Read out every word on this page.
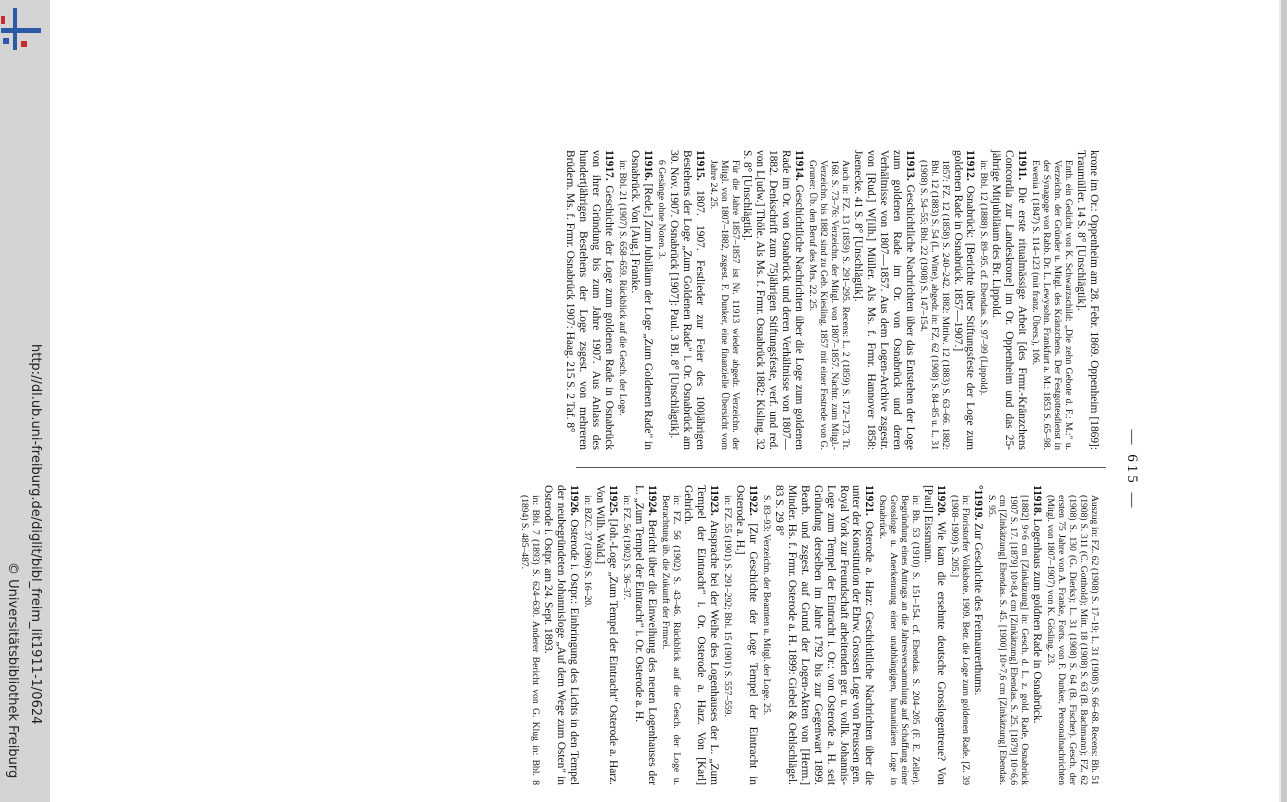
http://dl.ub.uni-freiburg.de/diglit/bibl_freim_lit1911-1/0624
© Universitätsbibliothek Freiburg
— 615 —
krone im Or.: Oppenheim am 28. Febr. 1869. Oppenheim [1869]: Traumüller. 14 S. 8° [Unschlägtik].
Enth. ein Gedicht von K. Schwarzschild: „Die zehn Gebote d. F.: M.:" u. Verzeichn. der Gründer u. Mitgl. des Kränzchens. Der Festgottesdienst in der Synagoge von Rabb. Dr. L. Lewysohn. Frankfurt a. M.: 1853 S. 65–98. Ewenia 1 (1847) S. 114–123 (mit franz. Übers.), 106.
11911. Die erste ritualmässige Arbeit [des Frmr.-Kränzchens Concordia zur Landeskrone] im Or. Oppenheim und das 25-jährige Mitjubiläum des Br. Lippold.
in: Bbl. 12 (1888) S. 89–95. cf. Ebendas. S. 97–99 (Lippold).
11912. Osnabrück: [Berichte über Stiftungsfeste der Loge zum goldenen Rade in Osnabrück. 1857—1907.]
1857: FZ. 12 (1858) S. 240–242. 1882: Mittlw. 12 (1883) S. 63–66. 1882: Bbl. 12 (1883) S. 54 (L. Witte), abgedr. in: FZ. 62 (1908) S. 84–85 u. L. 31 (1908) S. 54–55; Bbl. 22 (1908) S. 147–154.
11913. Geschichtliche Nachrichten über das Entstehen der Loge zum goldenen Rade im Or. von Osnabrück und deren Verhältnisse von 1807—1857. Aus dem Logen-Archive zsgestr. von [Rud.] W[ilh.] Müller. Als Ms. f. Frmr. Hannover 1858: Jaenecke. 41 S. 8° [Unschlägtik].
Auch in: FZ. 13 (1859) S. 291–295. Recens: L. 2 (1859) S. 172–173. Tt. 168. S. 73–76: Verzeichn. der Mitgl. von 1807–1857. Nachtr. zum Mitgl.-Verzeichn. bis 1882 sind zu Geb. Kiesling. 1857 mit einer Festrede von G. Gruner: Üb. den Beruf des Mrs. 22. 25.
11914. Geschichtliche Nachrichten über die Loge zum goldenen Rade im Or. von Osnabrück und deren Verhältnisse von 1807—1882. Denkschrift zum 75jährigen Stiftungsfeste, verf. und red. von L[udw.] Thöle. Als Ms. f. Frmr. Osnabrück 1882: Kisling. 32 S. 8° [Unschlägtik].
Für die Jahre 1857–1857 ist Nr. 11913 wieder abgedr. Verzeichn. der Mitgl. von 1807–1882, zsgest. F. Dunker, eine finanzielle Übersicht vom Jahre 24. 25.
11915. 1807. 1907. Festlieder zur Feier des 100jährigen Bestehens der Loge „Zum Goldenen Rade" i. Or. Osnabrück am 30. Nov. 1907. Osnabrück [1907]: Paul. 3 Bl. 8° [Unschlägtik].
6 Gesänge ohne Noten. 3.
11916. [Rede.] Zum Jubiläum der Loge „Zum Goldenen Rade" in Osnabrück. Von [Aug.] Franke.
in: Bbl. 21 (1907) S. 658–659. Rückblick auf die Gesch. der Loge.
11917. Geschichte der Loge zum goldenen Rade in Osnabrück von ihrer Gründung bis zum Jahre 1907. Aus Anlass des hundertjährigen Bestehens der Loge zsgest. von mehreren Brüdern. Ms. f. Frmr. Osnabrück 1907: Haag. 215 S. 2 Taf. 8°
Auszug in: FZ. 62 (1908) S. 17–19; L. 31 (1908) S. 66–68. Recens: Bh. 51 (1908) S. 311 (C. Gotthold); Mitt. 18 (1908) S. 63 (B. Bachmann); FZ. 62 (1908) S. 130 (G. Dierks); L. 31 (1908) S. 64 (B. Fischer). Gesch. der ersten 75 Jahre von A. Franke, Forts. von F. Dunker, Personalnachrichten (Mitgl. von 1807–1907) von K. Gösling. 23.
11918. Logenhaus zum goldnen Rade in Osnabrück.
[1882] 9×6 cm [Zinkätzung] in: Gesch. d. L. z. gold. Rade, Osnabrück 1907 S. 17. [1879] 10×8,4 cm [Zinkätzung] Ebendas. S. 25. [1879] 10×6,6 cm [Zinkätzung] Ebendas. S. 45. [1900] 10×7,6 cm [Zinkätzung] Ebendas. S. 95.
°11919. Zur Geschichte des Freimaurerthums.
in: Floristorfer Volksbote. 1909. Betr. die Loge zum goldenen Rade. [Z. 39 (1908–1909) S. 205.]
11920. Wie kam die ersehnte deutsche Grosslogentreue? Von [Paul] Eissmann.
in: Bh. 53 (1910) S. 151–154. cf. Ebendas. S. 204–205 (F. E. Zeller). Begründung eines Antrags an die Jahresversammlung auf Schaffung einer Grossloge u. Anerkennung einer unabhängigen, humanitären Loge in Osnabrück.
11921. Osterode a. Harz: Geschichtliche Nachrichten über die unter der Konstitution der Ehrw. Grossen Loge von Preussen gen. Royal York zur Freundschaft arbeitenden ger. u. vollk. Johannis-Loge zum Tempel der Eintracht i. Or.: von Osterode a. H. seit Gründung derselben im Jahre 1792 bis zur Gegenwart 1899. Bearb. und zsgest. auf Grund der Logen-Akten von [Herm.] Minder. Hs. f. Frmr. Osterode a. H. 1899: Giebel & Oehlschlägel. 83 S. 29 8°
S. 83–93: Verzeichn. der Beamten u. Mitgl. der Loge. 25.
11922. [Zur Geschichte der Loge Tempel der Eintracht in Osterode a. H.]
in: FZ. 55 (1901) S. 291–292; Bbl. 15 (1901) S. 557–559.
11923. Ansprache bei der Weihe des Logenhauses der L. „Zum Tempel der Eintracht" i. Or. Osterode a. Harz. Von [Karl] Gehrich.
in: FZ. 56 (1902) S. 43–46. Rückblick auf die Gesch. der Loge u. Betrachtung üb. die Zukunft der Frmrei.
11924. Bericht über die Einweihung des neuen Logenhauses der L. „Zum Tempel der Eintracht" i. Or. Osterode a. H.
in: FZ. 56 (1902) S. 36–37.
11925. [Joh.-Loge „Zum Tempel der Eintracht" Osterode a. Harz. Von Wilh. Wald.]
in: BZC. 37 (1906) S. 16–20.
11926. Osterode i. Ostpr.: Einbringung des Lichts in den Tempel der neubegründeten Johannisloge „Auf dem Wege zum Osten" in Osterode i. Ostpr. am 24. Sept. 1893.
in: Bbl. 7 (1893) S. 624–630. Anderer Bericht von G. Klug in: Bbl. 8 (1894) S. 485–487.
